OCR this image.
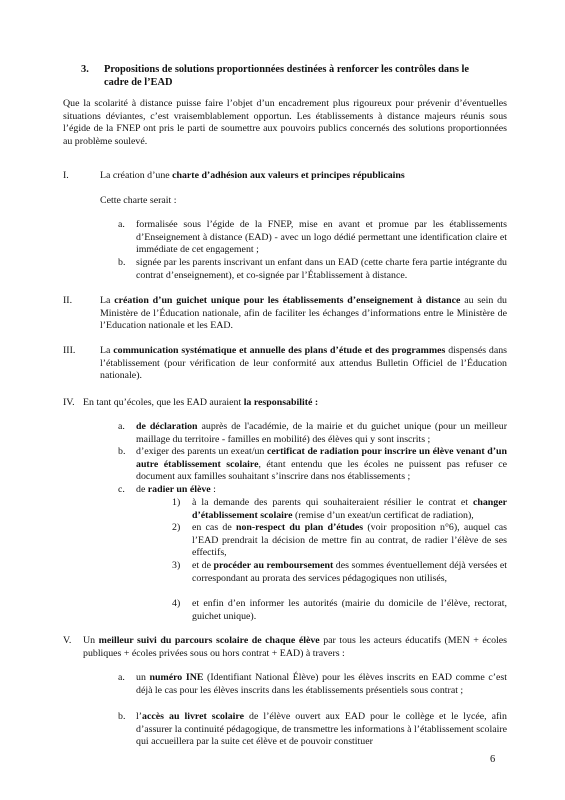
3. Propositions de solutions proportionnées destinées à renforcer les contrôles dans le cadre de l’EAD
Que la scolarité à distance puisse faire l’objet d’un encadrement plus rigoureux pour prévenir d’éventuelles situations déviantes, c’est vraisemblablement opportun. Les établissements à distance majeurs réunis sous l’égide de la FNEP ont pris le parti de soumettre aux pouvoirs publics concernés des solutions proportionnées au problème soulevé.
I.	La création d’une charte d’adhésion aux valeurs et principes républicains
Cette charte serait :
a. formalisée sous l’égide de la FNEP, mise en avant et promue par les établissements d’Enseignement à distance (EAD) - avec un logo dédié permettant une identification claire et immédiate de cet engagement ;
b. signée par les parents inscrivant un enfant dans un EAD (cette charte fera partie intégrante du contrat d’enseignement), et co-signée par l’Établissement à distance.
II.	La création d’un guichet unique pour les établissements d’enseignement à distance au sein du Ministère de l’Éducation nationale, afin de faciliter les échanges d’informations entre le Ministère de l’Education nationale et les EAD.
III. La communication systématique et annuelle des plans d’étude et des programmes dispensés dans l’établissement (pour vérification de leur conformité aux attendus Bulletin Officiel de l’Éducation nationale).
IV. En tant qu’écoles, que les EAD auraient la responsabilité :
a. de déclaration auprès de l'académie, de la mairie et du guichet unique (pour un meilleur maillage du territoire - familles en mobilité) des élèves qui y sont inscrits ;
b. d’exiger des parents un exeat/un certificat de radiation pour inscrire un élève venant d’un autre établissement scolaire, étant entendu que les écoles ne puissent pas refuser ce document aux familles souhaitant s’inscrire dans nos établissements ;
c. de radier un élève :
1) à la demande des parents qui souhaiteraient résilier le contrat et changer d’établissement scolaire (remise d’un exeat/un certificat de radiation),
2) en cas de non-respect du plan d’études (voir proposition n°6), auquel cas l’EAD prendrait la décision de mettre fin au contrat, de radier l’élève de ses effectifs,
3) et de procéder au remboursement des sommes éventuellement déjà versées et correspondant au prorata des services pédagogiques non utilisés,
4) et enfin d’en informer les autorités (mairie du domicile de l’élève, rectorat, guichet unique).
V. Un meilleur suivi du parcours scolaire de chaque élève par tous les acteurs éducatifs (MEN + écoles publiques + écoles privées sous ou hors contrat + EAD) à travers :
a. un numéro INE (Identifiant National Élève) pour les élèves inscrits en EAD comme c’est déjà le cas pour les élèves inscrits dans les établissements présentiels sous contrat ;
b. l’accès au livret scolaire de l’élève ouvert aux EAD pour le collège et le lycée, afin d’assurer la continuité pédagogique, de transmettre les informations à l’établissement scolaire qui accueillera par la suite cet élève et de pouvoir constituer
6
